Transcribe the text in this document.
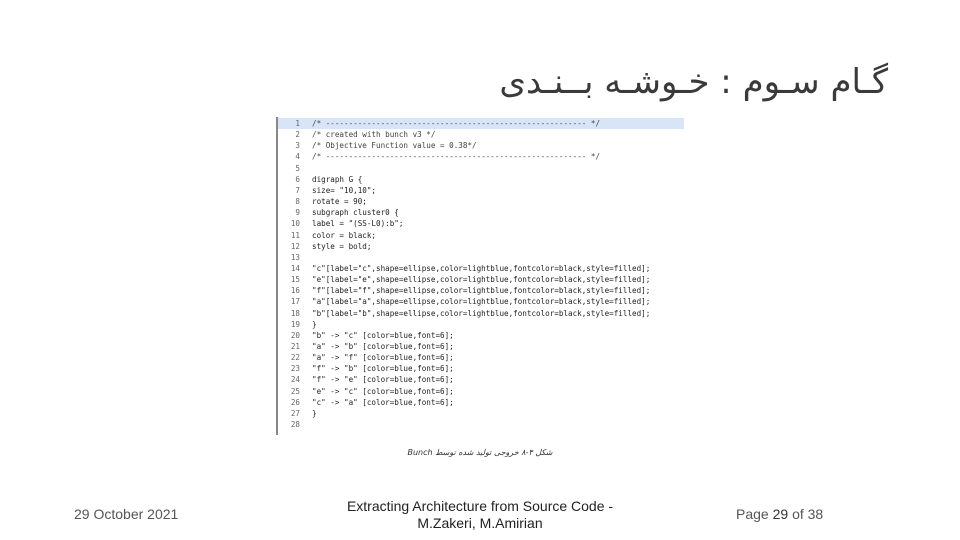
گـام سـوم : خـوشـه بــنـدی
1 /* --------------------------------------------------------- */
2 /* created with bunch v3 */
3 /* Objective Function value = 0.38*/
4 /* --------------------------------------------------------- */
5
6 digraph G {
7 size= "10,10";
8 rotate = 90;
9 subgraph cluster0 {
10 label = "(SS-L0):b";
11 color = black;
12 style = bold;
13
14 "c"[label="c",shape=ellipse,color=lightblue,fontcolor=black,style=filled];
15 "e"[label="e",shape=ellipse,color=lightblue,fontcolor=black,style=filled];
16 "f"[label="f",shape=ellipse,color=lightblue,fontcolor=black,style=filled];
17 "a"[label="a",shape=ellipse,color=lightblue,fontcolor=black,style=filled];
18 "b"[label="b",shape=ellipse,color=lightblue,fontcolor=black,style=filled];
19 }
20 "b" -> "c" [color=blue,font=6];
21 "a" -> "b" [color=blue,font=6];
22 "a" -> "f" [color=blue,font=6];
23 "f" -> "b" [color=blue,font=6];
24 "f" -> "e" [color=blue,font=6];
25 "e" -> "c" [color=blue,font=6];
26 "c" -> "a" [color=blue,font=6];
27 }
28
شکل ۴-۸ خروجی تولید شده توسط Bunch
29 October 2021	Extracting Architecture from Source Code -
M.Zakeri, M.Amirian
Page 29 of 38
